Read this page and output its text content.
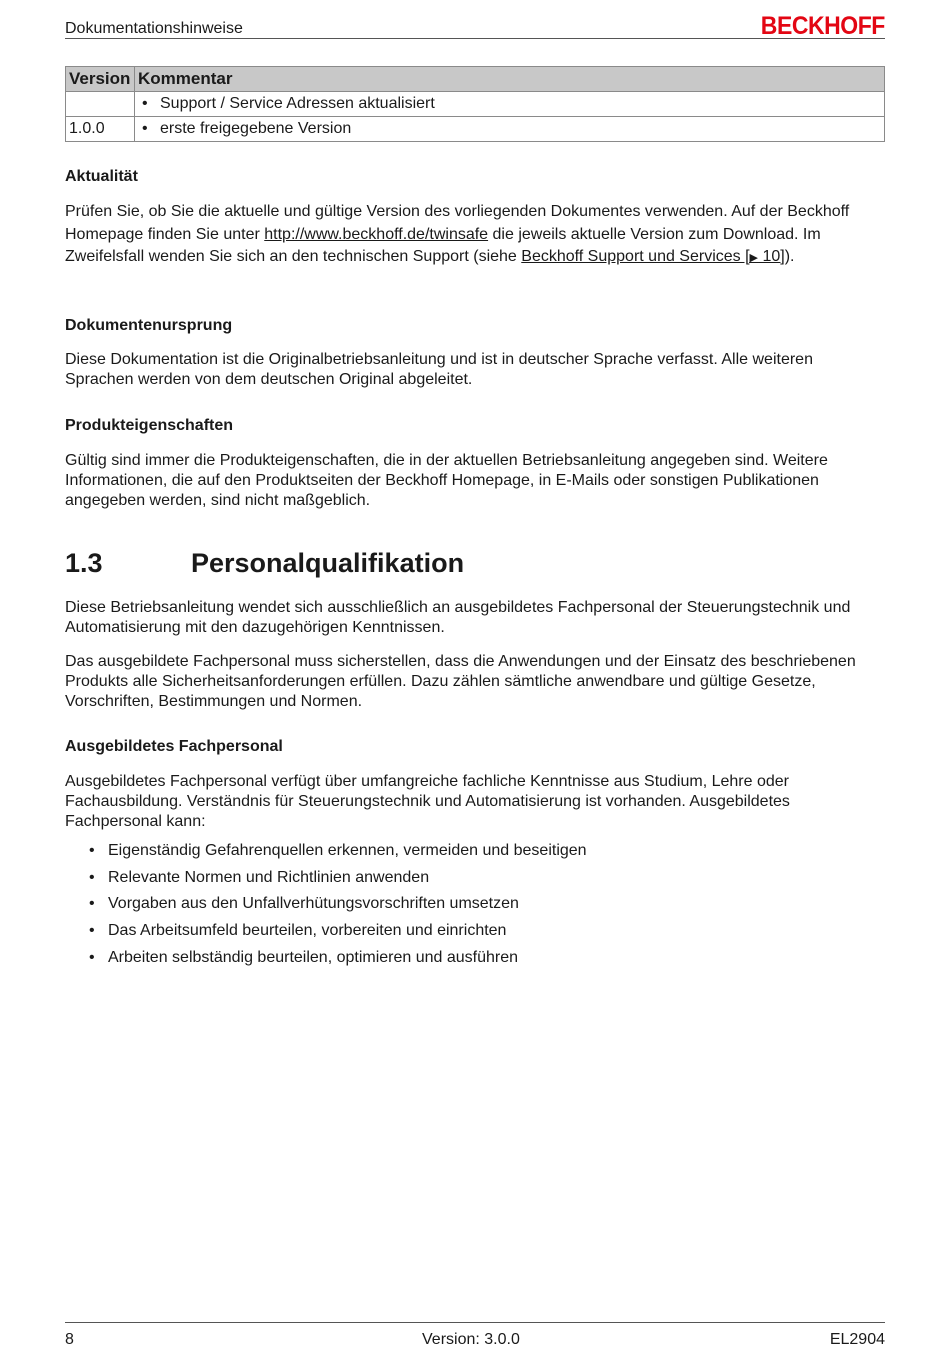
Dokumentationshinweise	BECKHOFF
Version	Kommentar
	• Support / Service Adressen aktualisiert
1.0.0	• erste freigegebene Version
Aktualität

Prüfen Sie, ob Sie die aktuelle und gültige Version des vorliegenden Dokumentes verwenden. Auf der Beckhoff Homepage finden Sie unter http://www.beckhoff.de/twinsafe die jeweils aktuelle Version zum Download. Im Zweifelsfall wenden Sie sich an den technischen Support (siehe Beckhoff Support und Services [▶ 10]).

Dokumentenursprung

Diese Dokumentation ist die Originalbetriebsanleitung und ist in deutscher Sprache verfasst. Alle weiteren Sprachen werden von dem deutschen Original abgeleitet.

Produkteigenschaften

Gültig sind immer die Produkteigenschaften, die in der aktuellen Betriebsanleitung angegeben sind. Weitere Informationen, die auf den Produktseiten der Beckhoff Homepage, in E-Mails oder sonstigen Publikationen angegeben werden, sind nicht maßgeblich.

1.3	Personalqualifikation

Diese Betriebsanleitung wendet sich ausschließlich an ausgebildetes Fachpersonal der Steuerungstechnik und Automatisierung mit den dazugehörigen Kenntnissen.

Das ausgebildete Fachpersonal muss sicherstellen, dass die Anwendungen und der Einsatz des beschriebenen Produkts alle Sicherheitsanforderungen erfüllen. Dazu zählen sämtliche anwendbare und gültige Gesetze, Vorschriften, Bestimmungen und Normen.

Ausgebildetes Fachpersonal

Ausgebildetes Fachpersonal verfügt über umfangreiche fachliche Kenntnisse aus Studium, Lehre oder Fachausbildung. Verständnis für Steuerungstechnik und Automatisierung ist vorhanden. Ausgebildetes Fachpersonal kann:

• Eigenständig Gefahrenquellen erkennen, vermeiden und beseitigen
• Relevante Normen und Richtlinien anwenden
• Vorgaben aus den Unfallverhütungsvorschriften umsetzen
• Das Arbeitsumfeld beurteilen, vorbereiten und einrichten
• Arbeiten selbständig beurteilen, optimieren und ausführen
8	Version: 3.0.0	EL2904
